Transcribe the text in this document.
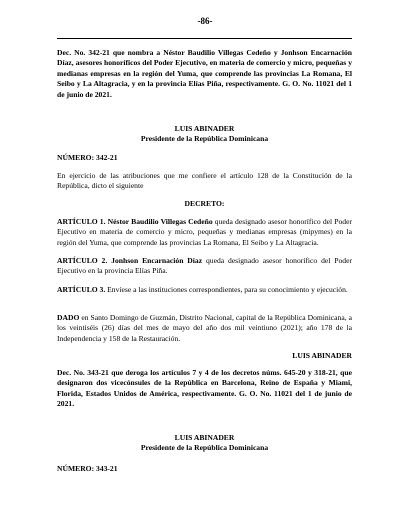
-86-
Dec. No. 342-21 que nombra a Néstor Baudilio Villegas Cedeño y Jonhson Encarnación Díaz, asesores honoríficos del Poder Ejecutivo, en materia de comercio y micro, pequeñas y medianas empresas en la región del Yuma, que comprende las provincias La Romana, El Seibo y La Altagracia, y en la provincia Elías Piña, respectivamente. G. O. No. 11021 del 1 de junio de 2021.
LUIS ABINADER
Presidente de la República Dominicana
NÚMERO: 342-21
En ejercicio de las atribuciones que me confiere el artículo 128 de la Constitución de la República, dicto el siguiente
DECRETO:
ARTÍCULO 1. Néstor Baudilio Villegas Cedeño queda designado asesor honorífico del Poder Ejecutivo en materia de comercio y micro, pequeñas y medianas empresas (mipymes) en la región del Yuma, que comprende las provincias La Romana, El Seibo y La Altagracia.
ARTÍCULO 2. Jonhson Encarnación Díaz queda designado asesor honorífico del Poder Ejecutivo en la provincia Elías Piña.
ARTÍCULO 3. Envíese a las instituciones correspondientes, para su conocimiento y ejecución.
DADO en Santo Domingo de Guzmán, Distrito Nacional, capital de la República Dominicana, a los veintiséis (26) días del mes de mayo del año dos mil veintiuno (2021); año 178 de la Independencia y 158 de la Restauración.
LUIS ABINADER
Dec. No. 343-21 que deroga los artículos 7 y 4 de los decretos núms. 645-20 y 318-21, que designaron dos vicecónsules de la República en Barcelona, Reino de España y Miami, Florida, Estados Unidos de América, respectivamente. G. O. No. 11021 del 1 de junio de 2021.
LUIS ABINADER
Presidente de la República Dominicana
NÚMERO: 343-21
